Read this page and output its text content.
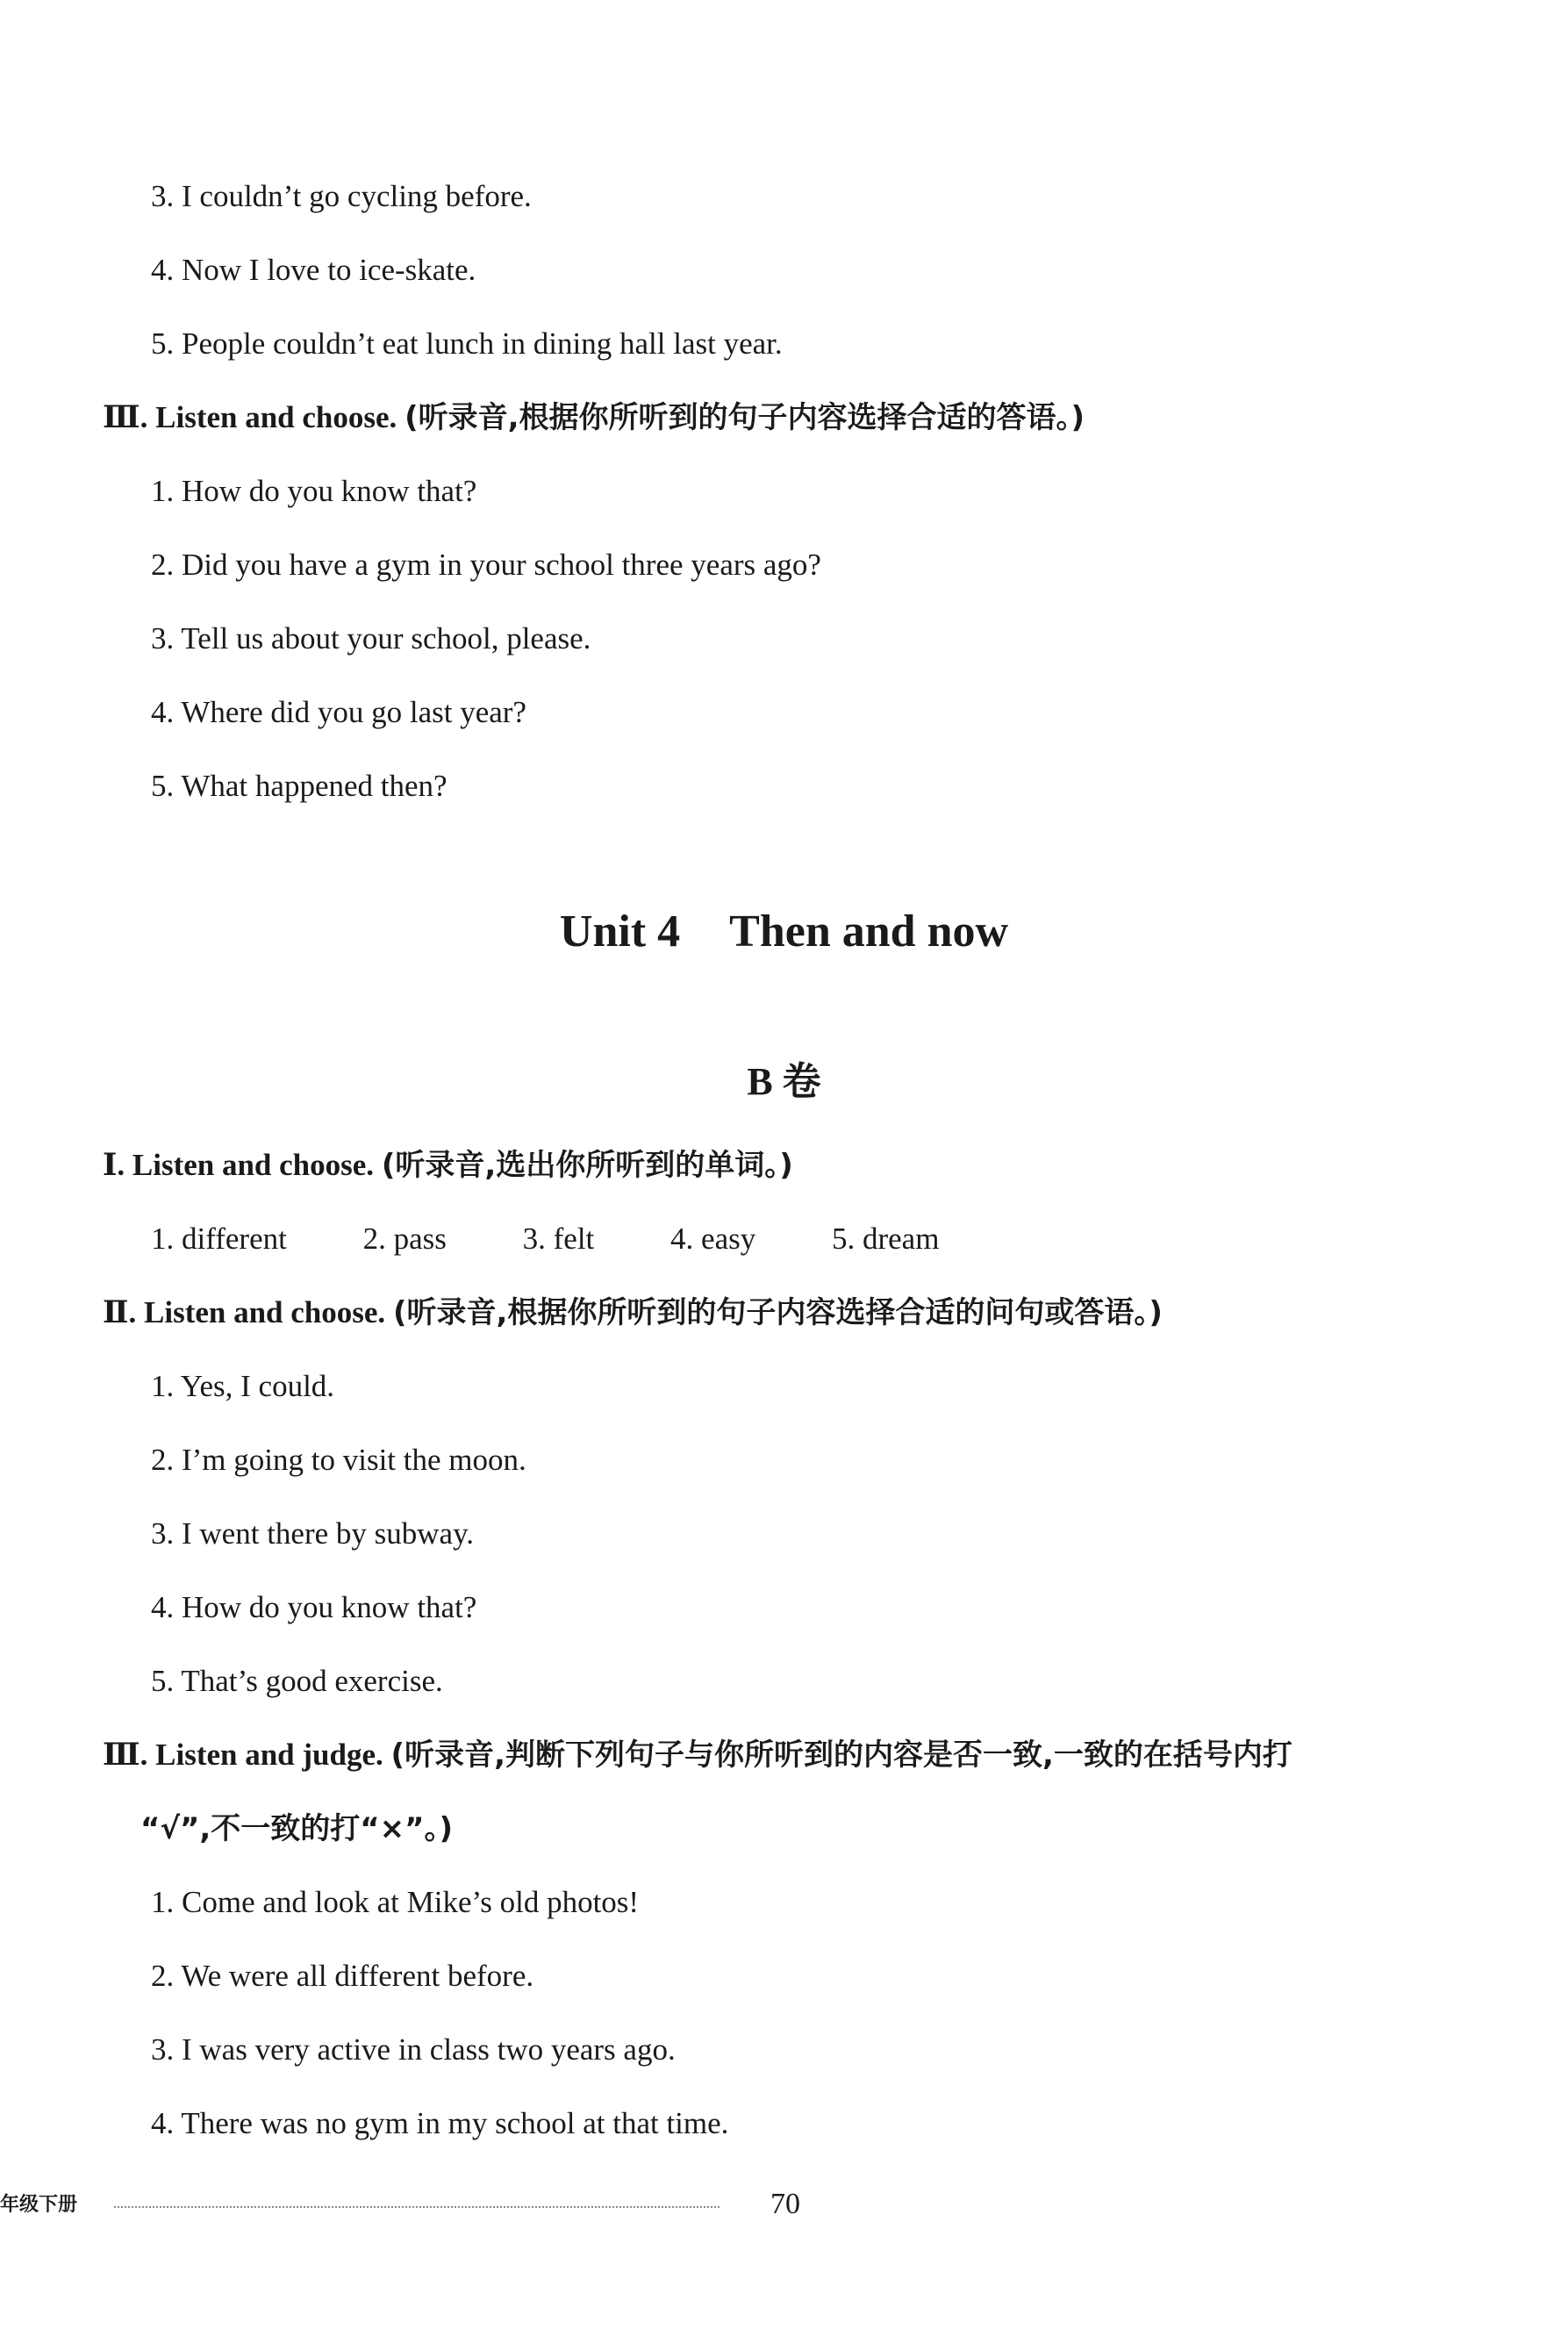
3. I couldn’t go cycling before.
4. Now I love to ice-skate.
5. People couldn’t eat lunch in dining hall last year.
Ⅲ. Listen and choose. (听录音,根据你所听到的句子内容选择合适的答语。)
1. How do you know that?
2. Did you have a gym in your school three years ago?
3. Tell us about your school, please.
4. Where did you go last year?
5. What happened then?
Unit 4 Then and now
B 卷
Ⅰ. Listen and choose. (听录音,选出你所听到的单词。)
1. different 2. pass 3. felt 4. easy 5. dream
Ⅱ. Listen and choose. (听录音,根据你所听到的句子内容选择合适的问句或答语。)
1. Yes, I could.
2. I’m going to visit the moon.
3. I went there by subway.
4. How do you know that?
5. That’s good exercise.
Ⅲ. Listen and judge. (听录音,判断下列句子与你所听到的内容是否一致,一致的在括号内打
“√”,不一致的打“×”。)
1. Come and look at Mike’s old photos!
2. We were all different before.
3. I was very active in class two years ago.
4. There was no gym in my school at that time.
年级下册	70
